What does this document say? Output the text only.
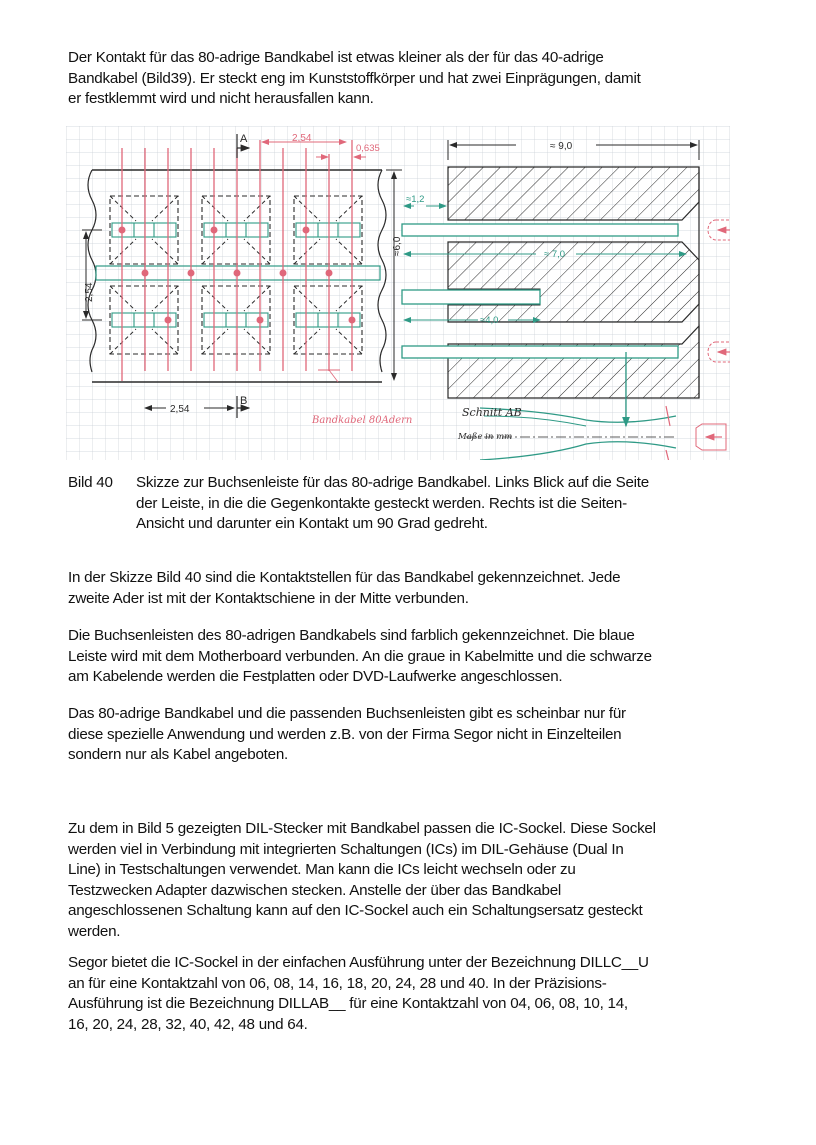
Der Kontakt für das 80-adrige Bandkabel ist etwas kleiner als der für das 40-adrige
Bandkabel (Bild39). Er steckt eng im Kunststoffkörper und hat zwei Einprägungen, damit
er festklemmt wird und nicht herausfallen kann.

A	2,54
0,635
≈6,0
2,54
2,54
B
Bandkabel 80Adern
≈ 9,0
≈1,2
≈ 7,0
≈4,0
Schnitt AB
Maße in mm
Bild 40 Skizze zur Buchsenleiste für das 80-adrige Bandkabel. Links Blick auf die Seite
der Leiste, in die die Gegenkontakte gesteckt werden. Rechts ist die Seiten-
Ansicht und darunter ein Kontakt um 90 Grad gedreht.

In der Skizze Bild 40 sind die Kontaktstellen für das Bandkabel gekennzeichnet. Jede
zweite Ader ist mit der Kontaktschiene in der Mitte verbunden.

Die Buchsenleisten des 80-adrigen Bandkabels sind farblich gekennzeichnet. Die blaue
Leiste wird mit dem Motherboard verbunden. An die graue in Kabelmitte und die schwarze
am Kabelende werden die Festplatten oder DVD-Laufwerke angeschlossen.

Das 80-adrige Bandkabel und die passenden Buchsenleisten gibt es scheinbar nur für
diese spezielle Anwendung und werden z.B. von der Firma Segor nicht in Einzelteilen
sondern nur als Kabel angeboten.

Zu dem in Bild 5 gezeigten DIL-Stecker mit Bandkabel passen die IC-Sockel. Diese Sockel
werden viel in Verbindung mit integrierten Schaltungen (ICs) im DIL-Gehäuse (Dual In
Line) in Testschaltungen verwendet. Man kann die ICs leicht wechseln oder zu
Testzwecken Adapter dazwischen stecken. Anstelle der über das Bandkabel
angeschlossenen Schaltung kann auf den IC-Sockel auch ein Schaltungsersatz gesteckt
werden.

Segor bietet die IC-Sockel in der einfachen Ausführung unter der Bezeichnung DILLC__U
an für eine Kontaktzahl von 06, 08, 14, 16, 18, 20, 24, 28 und 40. In der Präzisions-
Ausführung ist die Bezeichnung DILLAB__ für eine Kontaktzahl von 04, 06, 08, 10, 14,
16, 20, 24, 28, 32, 40, 42, 48 und 64.
